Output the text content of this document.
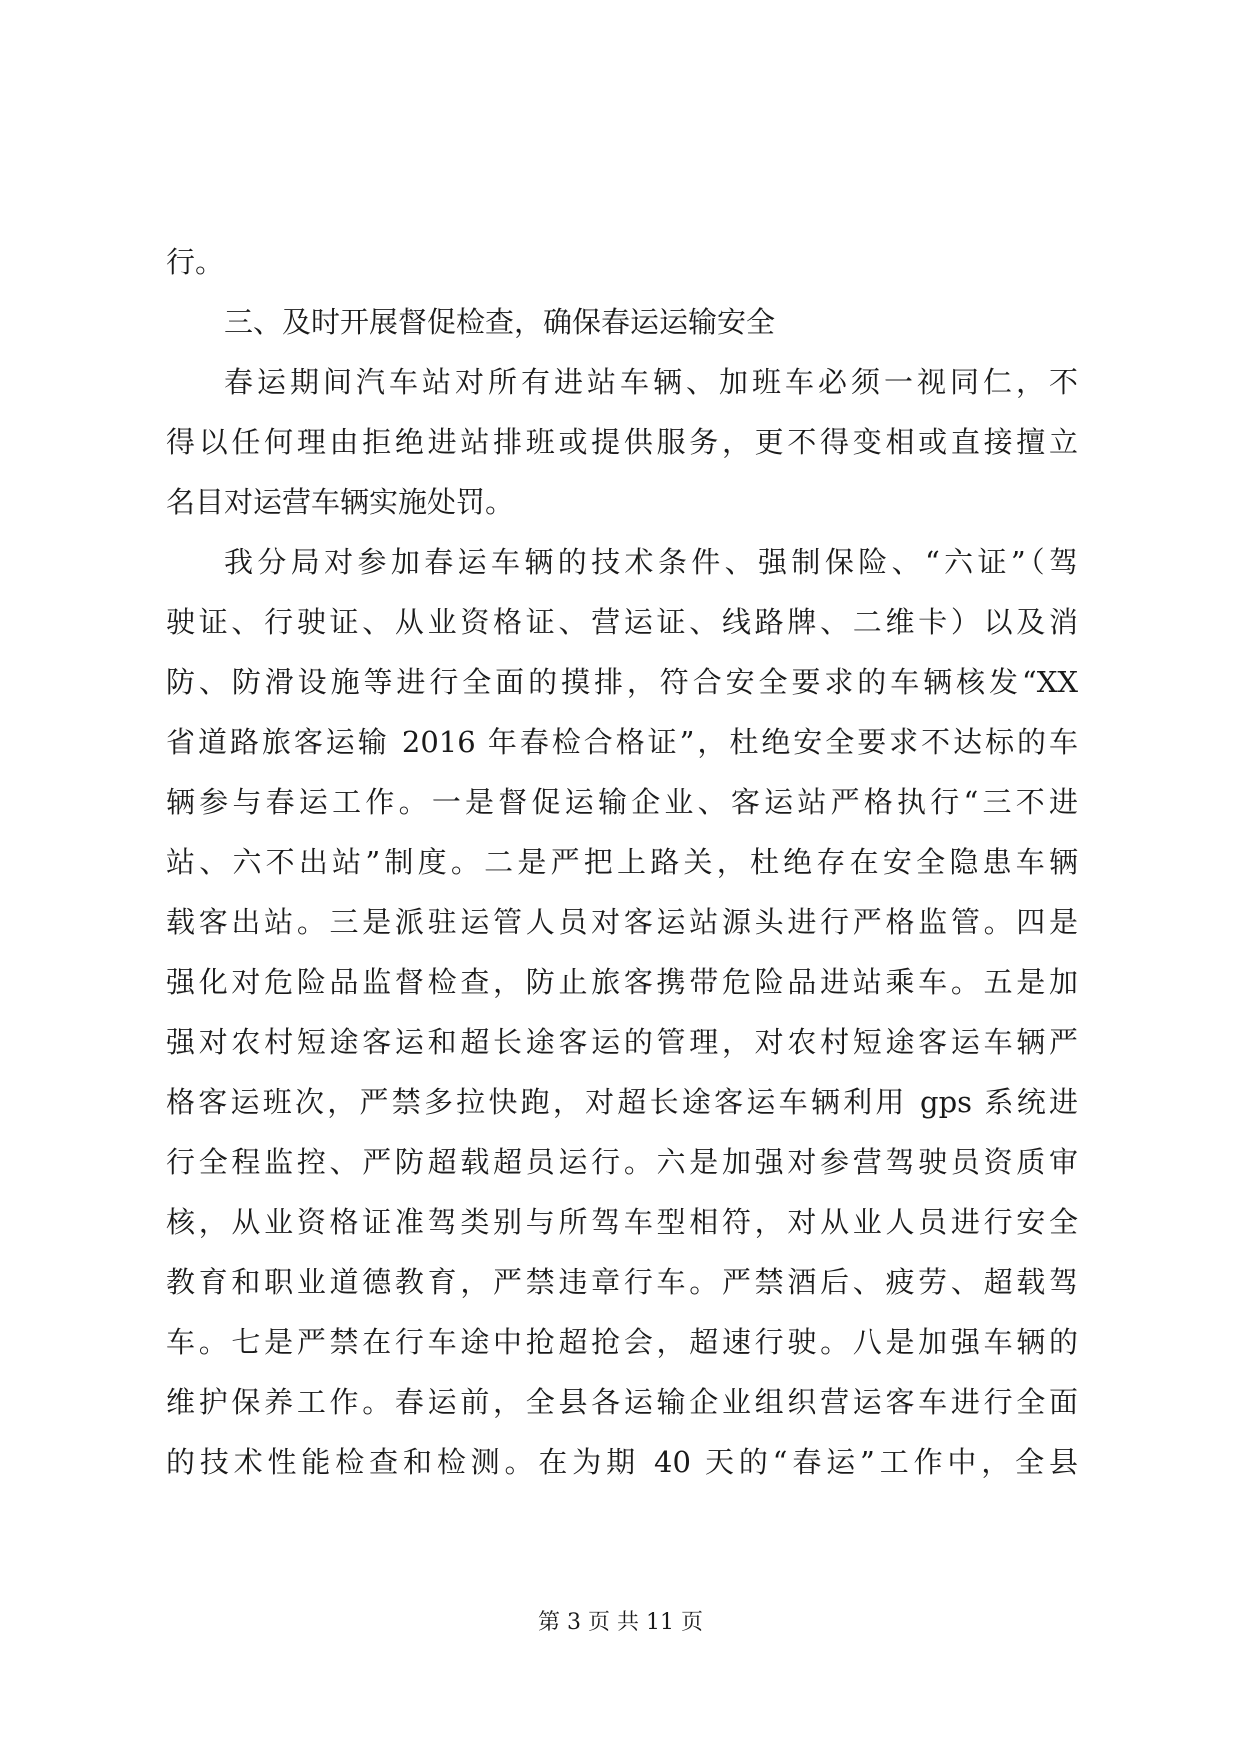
行。
三、及时开展督促检查，确保春运运输安全
春运期间汽车站对所有进站车辆、加班车必须一视同仁，不
得以任何理由拒绝进站排班或提供服务，更不得变相或直接擅立
名目对运营车辆实施处罚。
我分局对参加春运车辆的技术条件、强制保险、“六证”（驾
驶证、行驶证、从业资格证、营运证、线路牌、二维卡）以及消
防、防滑设施等进行全面的摸排，符合安全要求的车辆核发“XX
省道路旅客运输 2016 年春检合格证”，杜绝安全要求不达标的车
辆参与春运工作。一是督促运输企业、客运站严格执行“三不进
站、六不出站”制度。二是严把上路关，杜绝存在安全隐患车辆
载客出站。三是派驻运管人员对客运站源头进行严格监管。四是
强化对危险品监督检查，防止旅客携带危险品进站乘车。五是加
强对农村短途客运和超长途客运的管理，对农村短途客运车辆严
格客运班次，严禁多拉快跑，对超长途客运车辆利用 gps 系统进
行全程监控、严防超载超员运行。六是加强对参营驾驶员资质审
核，从业资格证准驾类别与所驾车型相符，对从业人员进行安全
教育和职业道德教育，严禁违章行车。严禁酒后、疲劳、超载驾
车。七是严禁在行车途中抢超抢会，超速行驶。八是加强车辆的
维护保养工作。春运前，全县各运输企业组织营运客车进行全面
的技术性能检查和检测。在为期 40 天的“春运”工作中，全县
第 3 页 共 11 页
